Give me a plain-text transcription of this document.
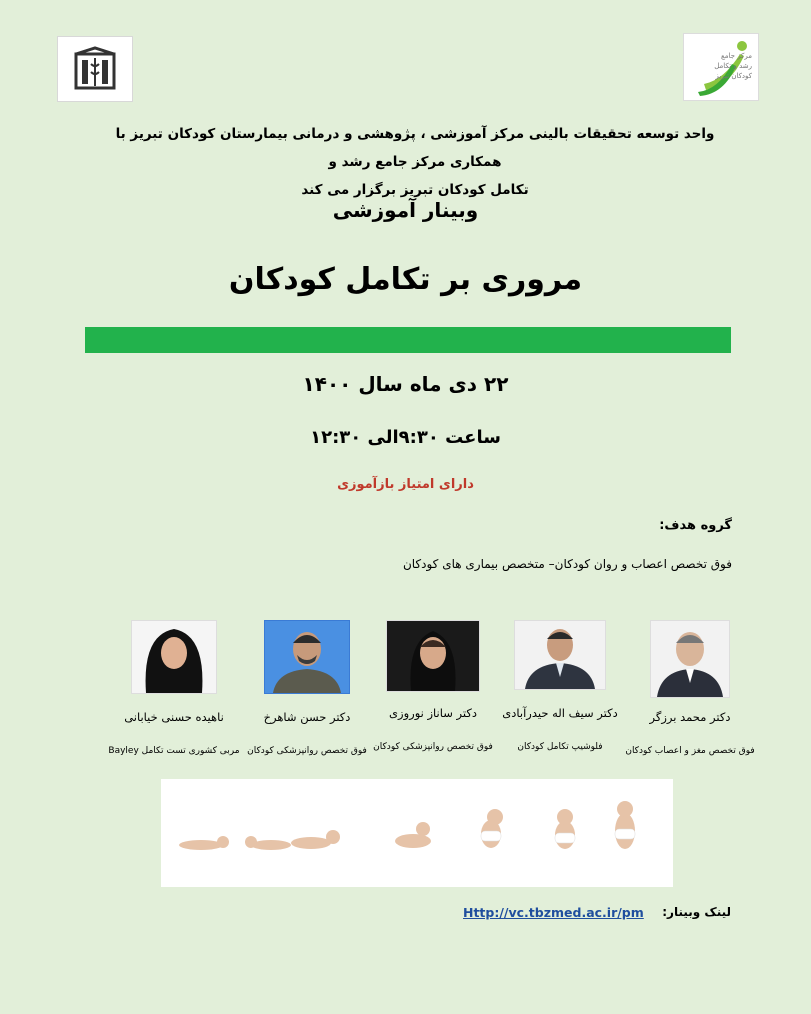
مرکز جامع
رشد و تکامل
کودکان تبریز
واحد توسعه تحقیقات بالینی مرکز آموزشی ، پژوهشی و درمانی بیمارستان کودکان تبریز با همکاری مرکز جامع رشد و
تکامل کودکان تبریز برگزار می کند
وبینار آموزشی
مروری بر تکامل کودکان
۲۲ دی ماه سال ۱۴۰۰
ساعت ۹:۳۰الی ۱۲:۳۰
دارای امتیاز بازآموزی
گروه هدف:
فوق تخصص اعصاب و روان کودکان– متخصص بیماری های کودکان
دکتر محمد برزگر
فوق تخصص مغز و اعصاب کودکان
دکتر سیف اله حیدرآبادی
فلوشیپ تکامل کودکان
دکتر ساناز نوروزی
فوق تخصص روانپزشکی کودکان
دکتر حسن شاهرخ
فوق تخصص روانپزشکی کودکان
ناهیده حسنی خیابانی
مربی کشوری تست تکامل Bayley
لینک وبینار:
Http://vc.tbzmed.ac.ir/pm
